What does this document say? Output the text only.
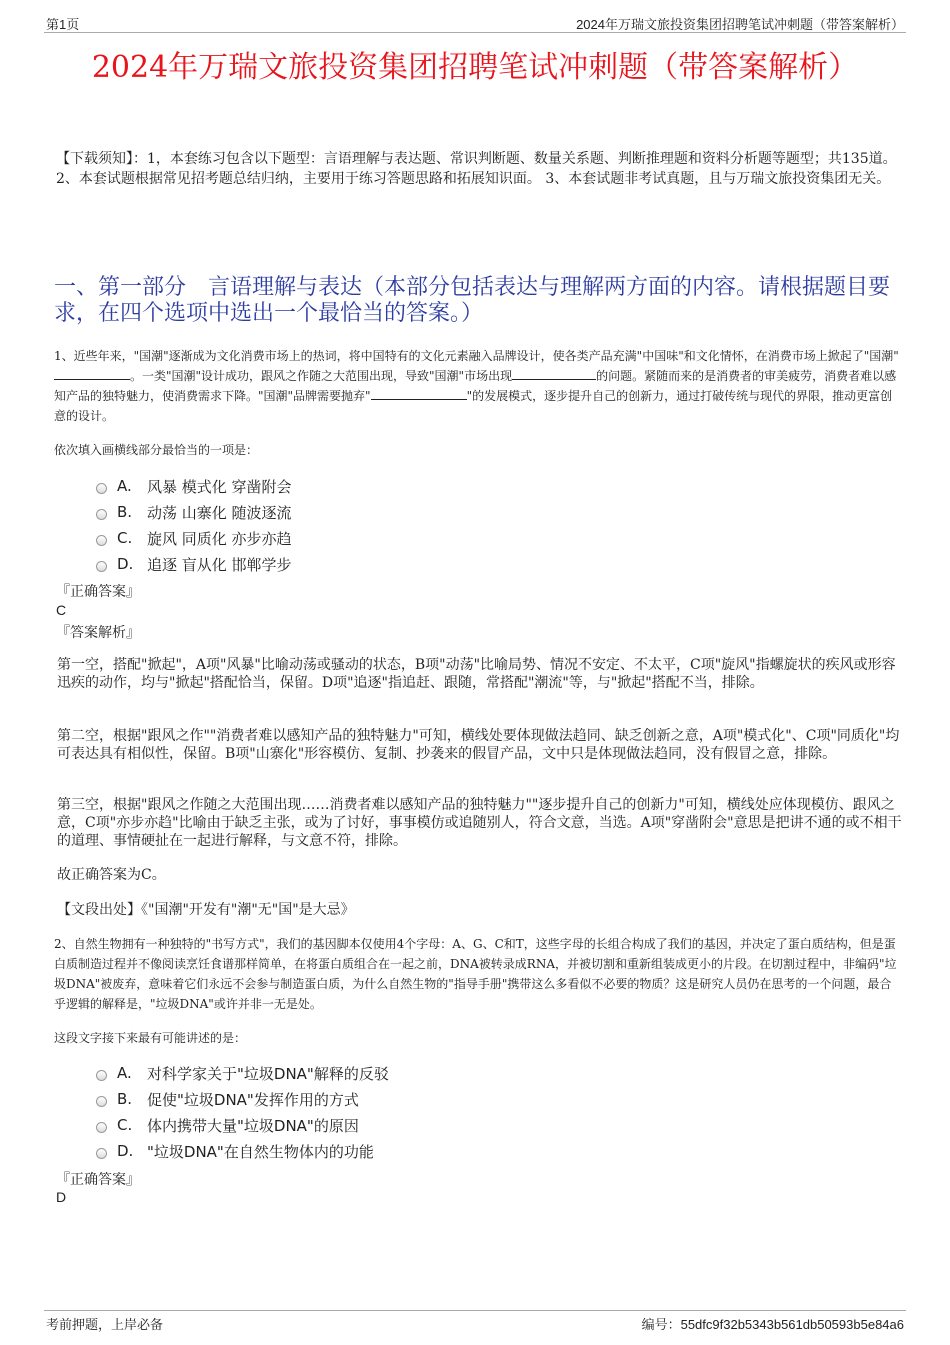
第1页	2024年万瑞文旅投资集团招聘笔试冲刺题（带答案解析）
2024年万瑞文旅投资集团招聘笔试冲刺题（带答案解析）
【下载须知】：1，本套练习包含以下题型：言语理解与表达题、常识判断题、数量关系题、判断推理题和资料分析题等题型；共135道。 2、本套试题根据常见招考题总结归纳，主要用于练习答题思路和拓展知识面。 3、本套试题非考试真题，且与万瑞文旅投资集团无关。
一、第一部分　言语理解与表达（本部分包括表达与理解两方面的内容。请根据题目要求，在四个选项中选出一个最恰当的答案。）
1、近些年来，"国潮"逐渐成为文化消费市场上的热词，将中国特有的文化元素融入品牌设计，使各类产品充满"中国味"和文化情怀，在消费市场上掀起了"国潮"。一类"国潮"设计成功，跟风之作随之大范围出现，导致"国潮"市场出现	的问题。紧随而来的是消费者的审美疲劳，消费者难以感知产品的独特魅力，使消费需求下降。"国潮"品牌需要抛弃"	"的发展模式，逐步提升自己的创新力，通过打破传统与现代的界限，推动更富创意的设计。
依次填入画横线部分最恰当的一项是：
A.	风暴 模式化 穿凿附会
B. 动荡 山寨化 随波逐流
C. 旋风 同质化 亦步亦趋
D. 追逐 盲从化 邯郸学步
『正确答案』
C
『答案解析』
第一空，搭配"掀起"，A项"风暴"比喻动荡或骚动的状态，B项"动荡"比喻局势、情况不安定、不太平，C项"旋风"指螺旋状的疾风或形容迅疾的动作，均与"掀起"搭配恰当，保留。D项"追逐"指追赶、跟随，常搭配"潮流"等，与"掀起"搭配不当，排除。
第二空，根据"跟风之作""消费者难以感知产品的独特魅力"可知，横线处要体现做法趋同、缺乏创新之意，A项"模式化"、C项"同质化"均可表达具有相似性，保留。B项"山寨化"形容模仿、复制、抄袭来的假冒产品，文中只是体现做法趋同，没有假冒之意，排除。
第三空，根据"跟风之作随之大范围出现……消费者难以感知产品的独特魅力""逐步提升自己的创新力"可知，横线处应体现模仿、跟风之意，C项"亦步亦趋"比喻由于缺乏主张，或为了讨好，事事模仿或追随别人，符合文意，当选。A项"穿凿附会"意思是把讲不通的或不相干的道理、事情硬扯在一起进行解释，与文意不符，排除。
故正确答案为C。
【文段出处】《"国潮"开发有"潮"无"国"是大忌》
2、自然生物拥有一种独特的"书写方式"，我们的基因脚本仅使用4个字母：A、G、C和T，这些字母的长组合构成了我们的基因，并决定了蛋白质结构，但是蛋白质制造过程并不像阅读烹饪食谱那样简单，在将蛋白质组合在一起之前，DNA被转录成RNA，并被切割和重新组装成更小的片段。在切割过程中，非编码"垃圾DNA"被废弃，意味着它们永远不会参与制造蛋白质，为什么自然生物的"指导手册"携带这么多看似不必要的物质？这是研究人员仍在思考的一个问题，最合乎逻辑的解释是，"垃圾DNA"或许并非一无是处。
这段文字接下来最有可能讲述的是：
A.	对科学家关于"垃圾DNA"解释的反驳
B. 促使"垃圾DNA"发挥作用的方式
C. 体内携带大量"垃圾DNA"的原因
D. "垃圾DNA"在自然生物体内的功能
『正确答案』
D
考前押题，上岸必备	编号：55dfc9f32b5343b561db50593b5e84a6
